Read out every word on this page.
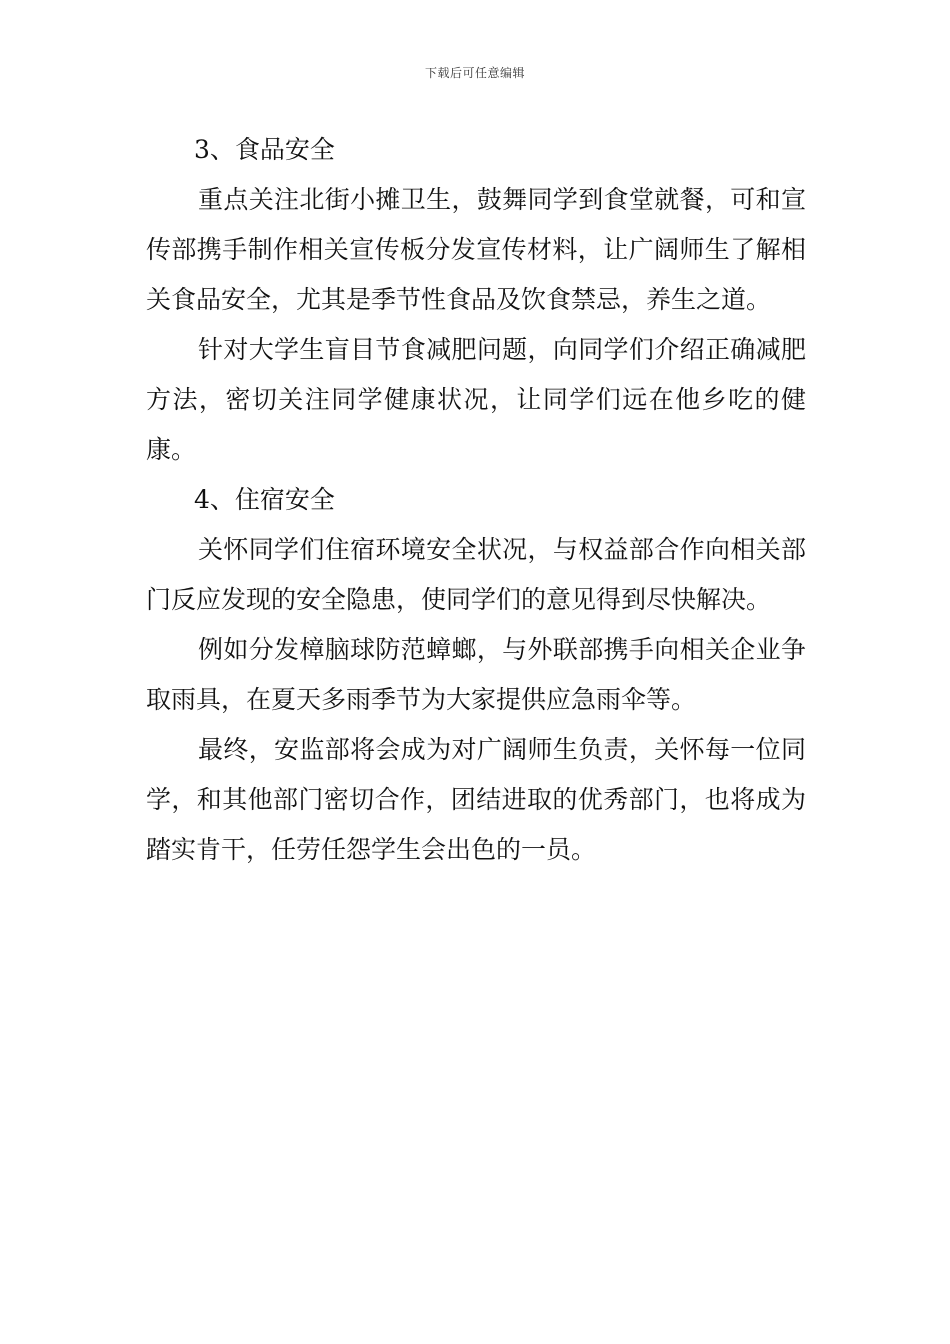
下载后可任意编辑

3、食品安全

重点关注北街小摊卫生，鼓舞同学到食堂就餐，可和宣传部携手制作相关宣传板分发宣传材料，让广阔师生了解相关食品安全，尤其是季节性食品及饮食禁忌，养生之道。

针对大学生盲目节食减肥问题，向同学们介绍正确减肥方法，密切关注同学健康状况，让同学们远在他乡吃的健康。

4、住宿安全

关怀同学们住宿环境安全状况，与权益部合作向相关部门反应发现的安全隐患，使同学们的意见得到尽快解决。

例如分发樟脑球防范蟑螂，与外联部携手向相关企业争取雨具，在夏天多雨季节为大家提供应急雨伞等。

最终，安监部将会成为对广阔师生负责，关怀每一位同学，和其他部门密切合作，团结进取的优秀部门，也将成为踏实肯干，任劳任怨学生会出色的一员。
